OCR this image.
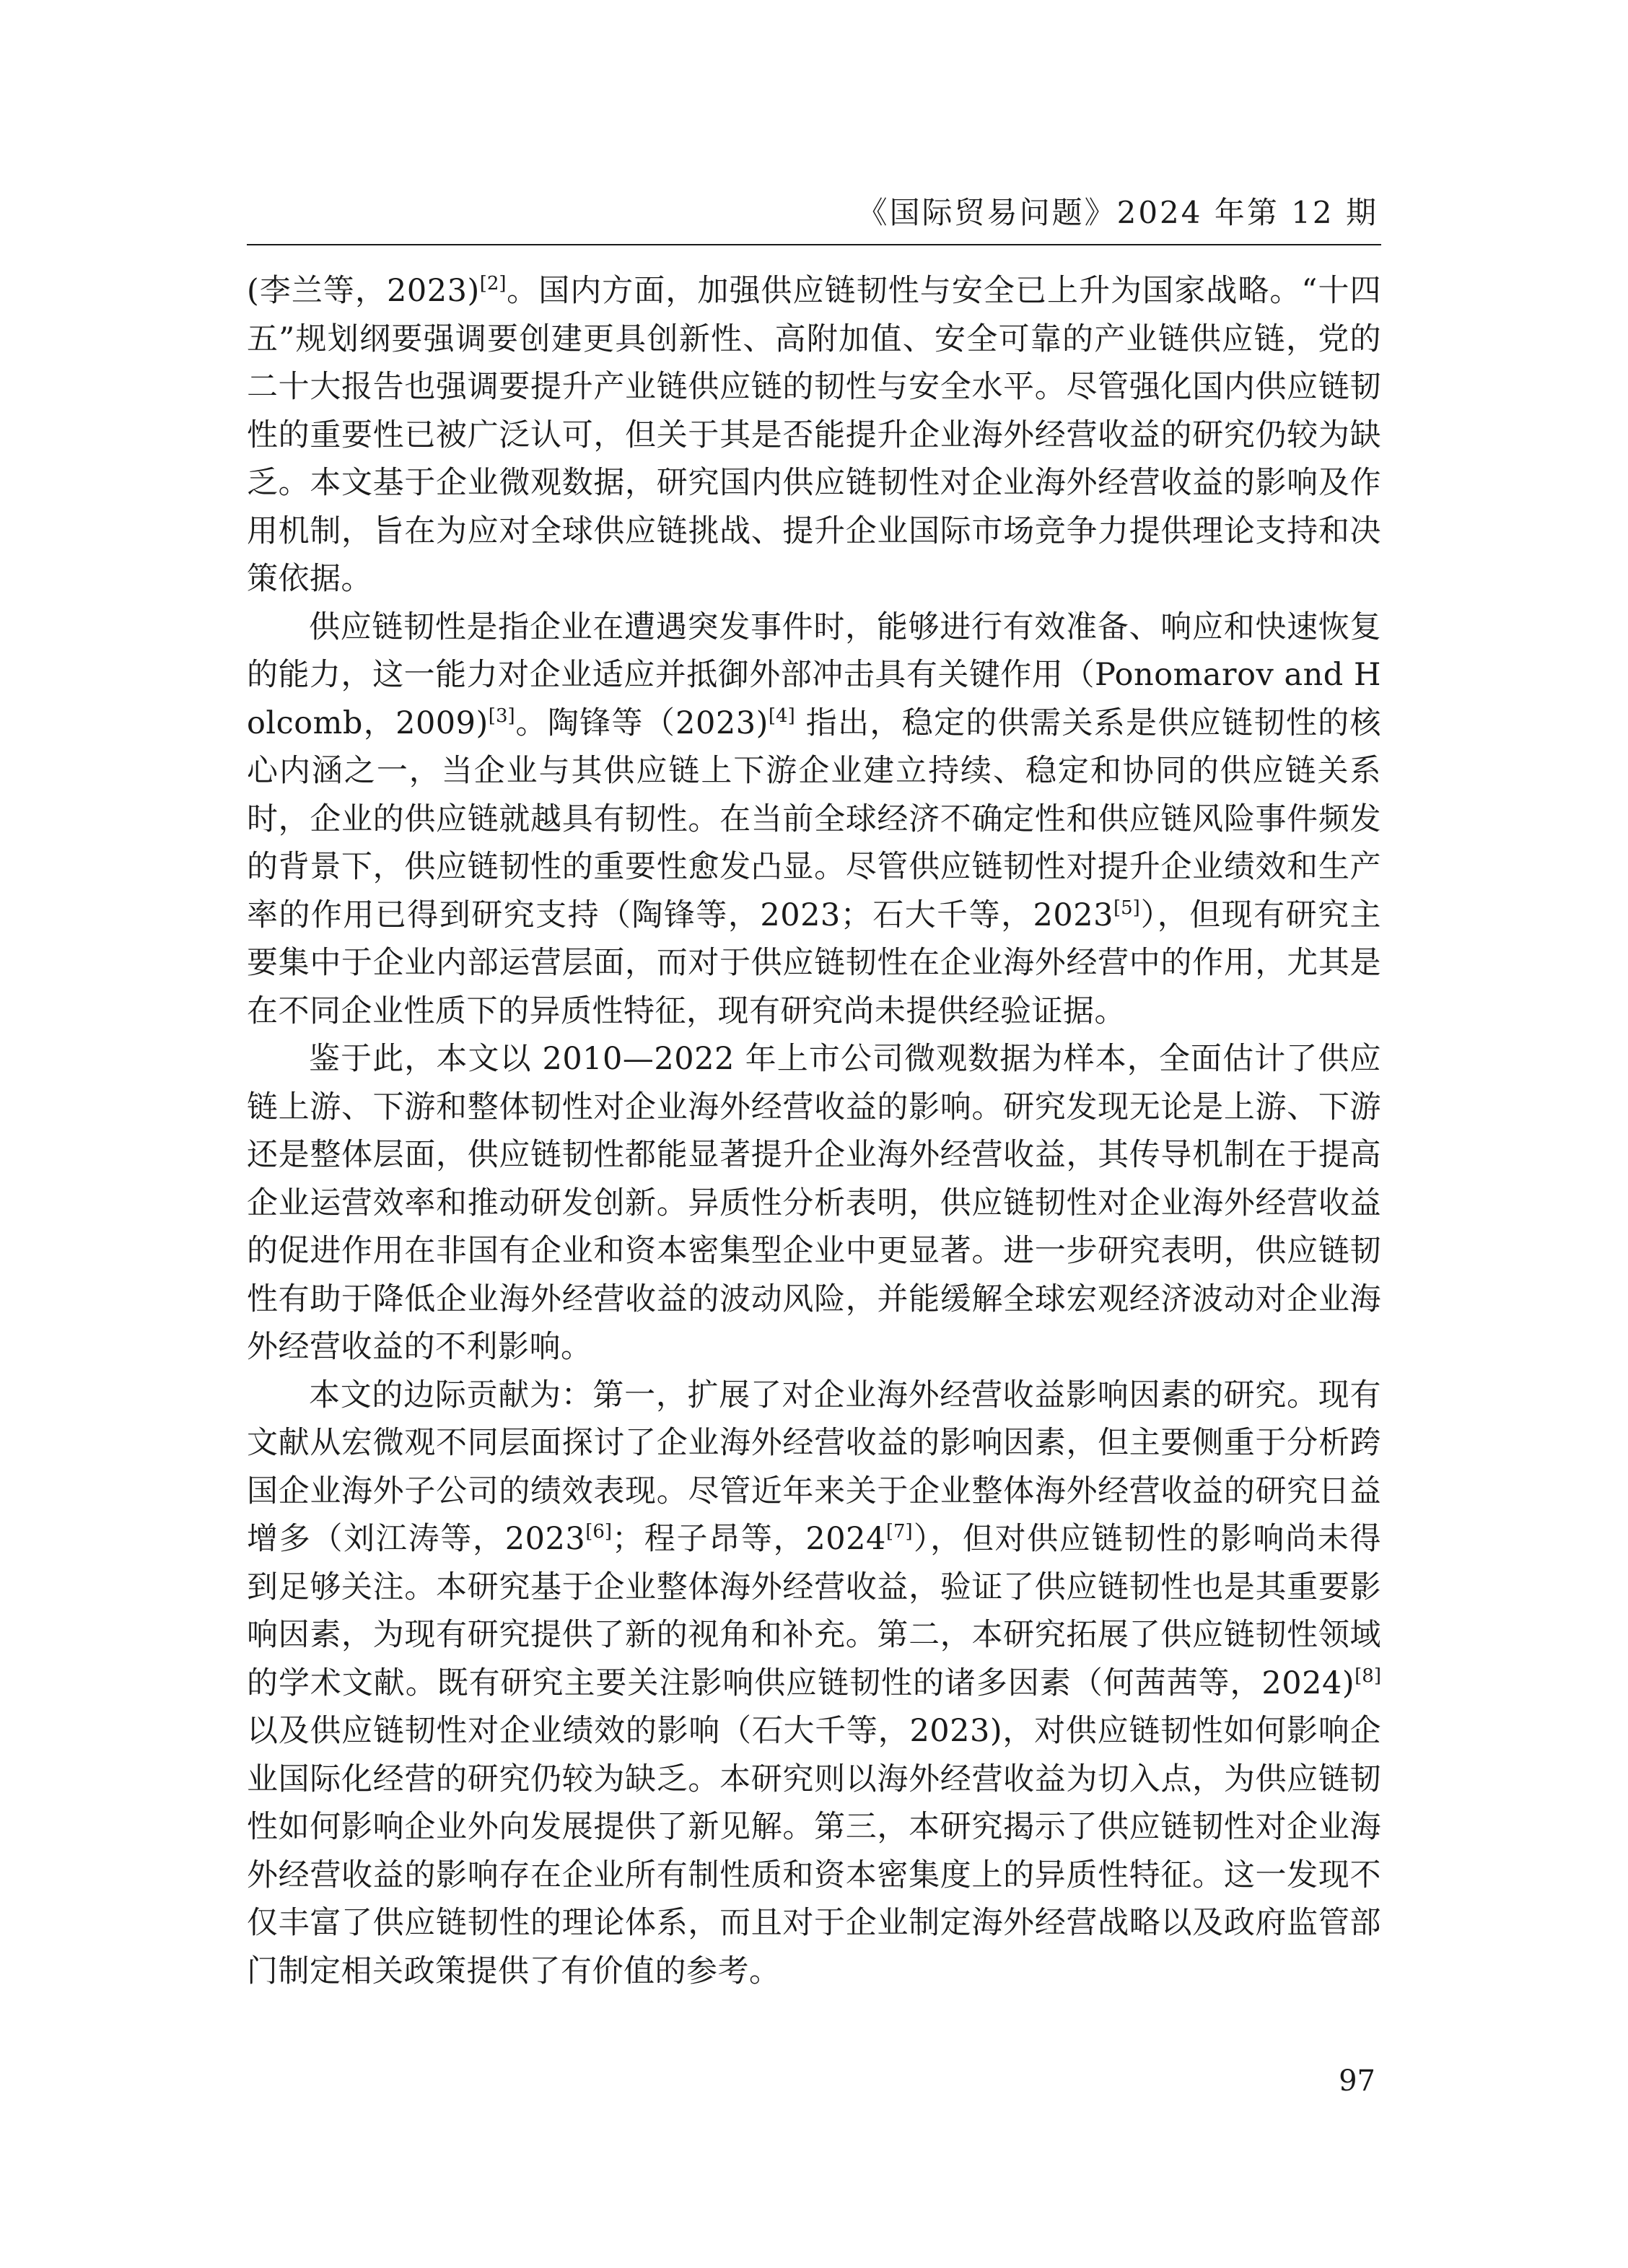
《国际贸易问题》2024 年第 12 期

(李兰等，2023)[2]。国内方面，加强供应链韧性与安全已上升为国家战略。“十四五”规划纲要强调要创建更具创新性、高附加值、安全可靠的产业链供应链，党的二十大报告也强调要提升产业链供应链的韧性与安全水平。尽管强化国内供应链韧性的重要性已被广泛认可，但关于其是否能提升企业海外经营收益的研究仍较为缺乏。本文基于企业微观数据，研究国内供应链韧性对企业海外经营收益的影响及作用机制，旨在为应对全球供应链挑战、提升企业国际市场竞争力提供理论支持和决策依据。

供应链韧性是指企业在遭遇突发事件时，能够进行有效准备、响应和快速恢复的能力，这一能力对企业适应并抵御外部冲击具有关键作用（Ponomarov and Holcomb，2009)[3]。陶锋等（2023)[4] 指出，稳定的供需关系是供应链韧性的核心内涵之一，当企业与其供应链上下游企业建立持续、稳定和协同的供应链关系时，企业的供应链就越具有韧性。在当前全球经济不确定性和供应链风险事件频发的背景下，供应链韧性的重要性愈发凸显。尽管供应链韧性对提升企业绩效和生产率的作用已得到研究支持（陶锋等，2023；石大千等，2023[5]），但现有研究主要集中于企业内部运营层面，而对于供应链韧性在企业海外经营中的作用，尤其是在不同企业性质下的异质性特征，现有研究尚未提供经验证据。

鉴于此，本文以 2010—2022 年上市公司微观数据为样本，全面估计了供应链上游、下游和整体韧性对企业海外经营收益的影响。研究发现无论是上游、下游还是整体层面，供应链韧性都能显著提升企业海外经营收益，其传导机制在于提高企业运营效率和推动研发创新。异质性分析表明，供应链韧性对企业海外经营收益的促进作用在非国有企业和资本密集型企业中更显著。进一步研究表明，供应链韧性有助于降低企业海外经营收益的波动风险，并能缓解全球宏观经济波动对企业海外经营收益的不利影响。

本文的边际贡献为：第一，扩展了对企业海外经营收益影响因素的研究。现有文献从宏微观不同层面探讨了企业海外经营收益的影响因素，但主要侧重于分析跨国企业海外子公司的绩效表现。尽管近年来关于企业整体海外经营收益的研究日益增多（刘江涛等，2023[6]；程子昂等，2024[7]），但对供应链韧性的影响尚未得到足够关注。本研究基于企业整体海外经营收益，验证了供应链韧性也是其重要影响因素，为现有研究提供了新的视角和补充。第二，本研究拓展了供应链韧性领域的学术文献。既有研究主要关注影响供应链韧性的诸多因素（何茜茜等，2024)[8]以及供应链韧性对企业绩效的影响（石大千等，2023)，对供应链韧性如何影响企业国际化经营的研究仍较为缺乏。本研究则以海外经营收益为切入点，为供应链韧性如何影响企业外向发展提供了新见解。第三，本研究揭示了供应链韧性对企业海外经营收益的影响存在企业所有制性质和资本密集度上的异质性特征。这一发现不仅丰富了供应链韧性的理论体系，而且对于企业制定海外经营战略以及政府监管部门制定相关政策提供了有价值的参考。

97
